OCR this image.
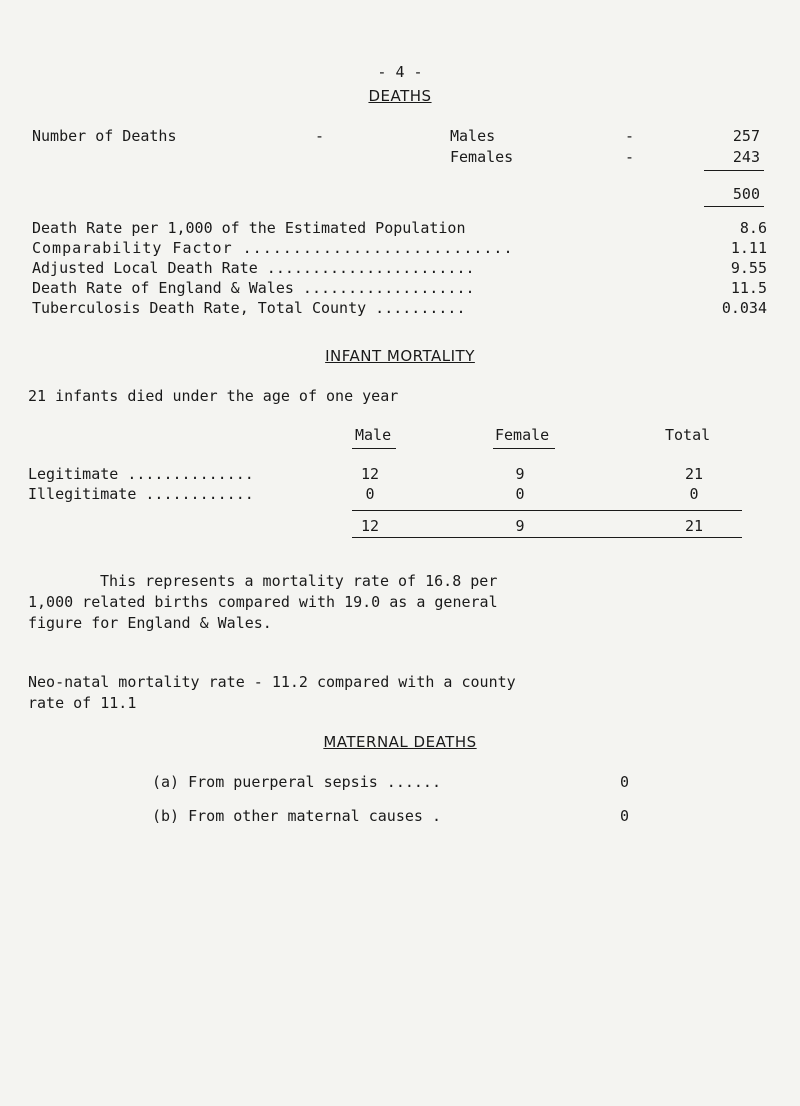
- 4 -
DEATHS
Number of Deaths	-	Males	-	257
Females	-	243
500
Death Rate per 1,000 of the Estimated Population	8.6
Comparability Factor ...........................	1.11
Adjusted Local Death Rate .......................	9.55
Death Rate of England & Wales ...................	11.5
Tuberculosis Death Rate, Total County ..........	0.034
INFANT MORTALITY
21 infants died under the age of one year
Male	Female	Total
Legitimate ..............	12	9	21
Illegitimate ............	0	0	0
12	9	21
This represents a mortality rate of 16.8 per
1,000 related births compared with 19.0 as a general
figure for England & Wales.
Neo-natal mortality rate - 11.2 compared with a county
rate of 11.1
MATERNAL DEATHS
(a) From puerperal sepsis ......	0
(b) From other maternal causes .	0
